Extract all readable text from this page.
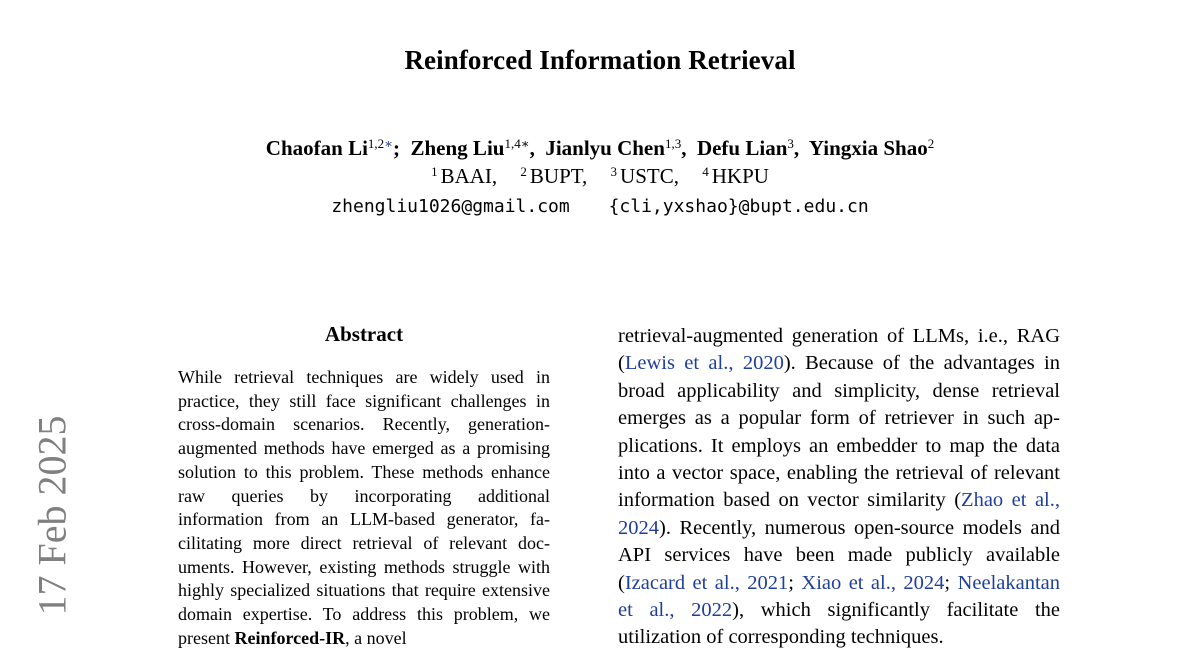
17 Feb 2025
Reinforced Information Retrieval
Chaofan $Li^{1,2∗}$;  Zheng Liu$^{1,4∗}$,  Jianlyu Chen$^{1,3}$,  Defu Lian$^3$,  Yingxia Shao$^2$
$^1$ BAAI, $^2$ BUPT, $^3$ USTC, $^4$ HKPU
zhengliu1026@gmail.com {cli,yxshao}@bupt.edu.cn
Abstract
While retrieval techniques are widely used in practice, they still face significant challenges in cross-domain scenarios. Recently, generation-augmented methods have emerged as a promising solution to this problem. These methods enhance raw queries by incorporating additional information from an LLM-based generator, facilitating more direct retrieval of relevant documents. However, existing methods struggle with highly specialized situations that require extensive domain expertise. To address this problem, we present Reinforced-IR, a novel
retrieval-augmented generation of LLMs, i.e., RAG (Lewis et al., 2020). Because of the advantages in broad applicability and simplicity, dense retrieval emerges as a popular form of retriever in such applications. It employs an embedder to map the data into a vector space, enabling the retrieval of relevant information based on vector similarity (Zhao et al., 2024). Recently, numerous open-source models and API services have been made publicly available (Izacard et al., 2021; Xiao et al., 2024; Neelakantan et al., 2022), which significantly facilitate the utilization of corresponding techniques.
